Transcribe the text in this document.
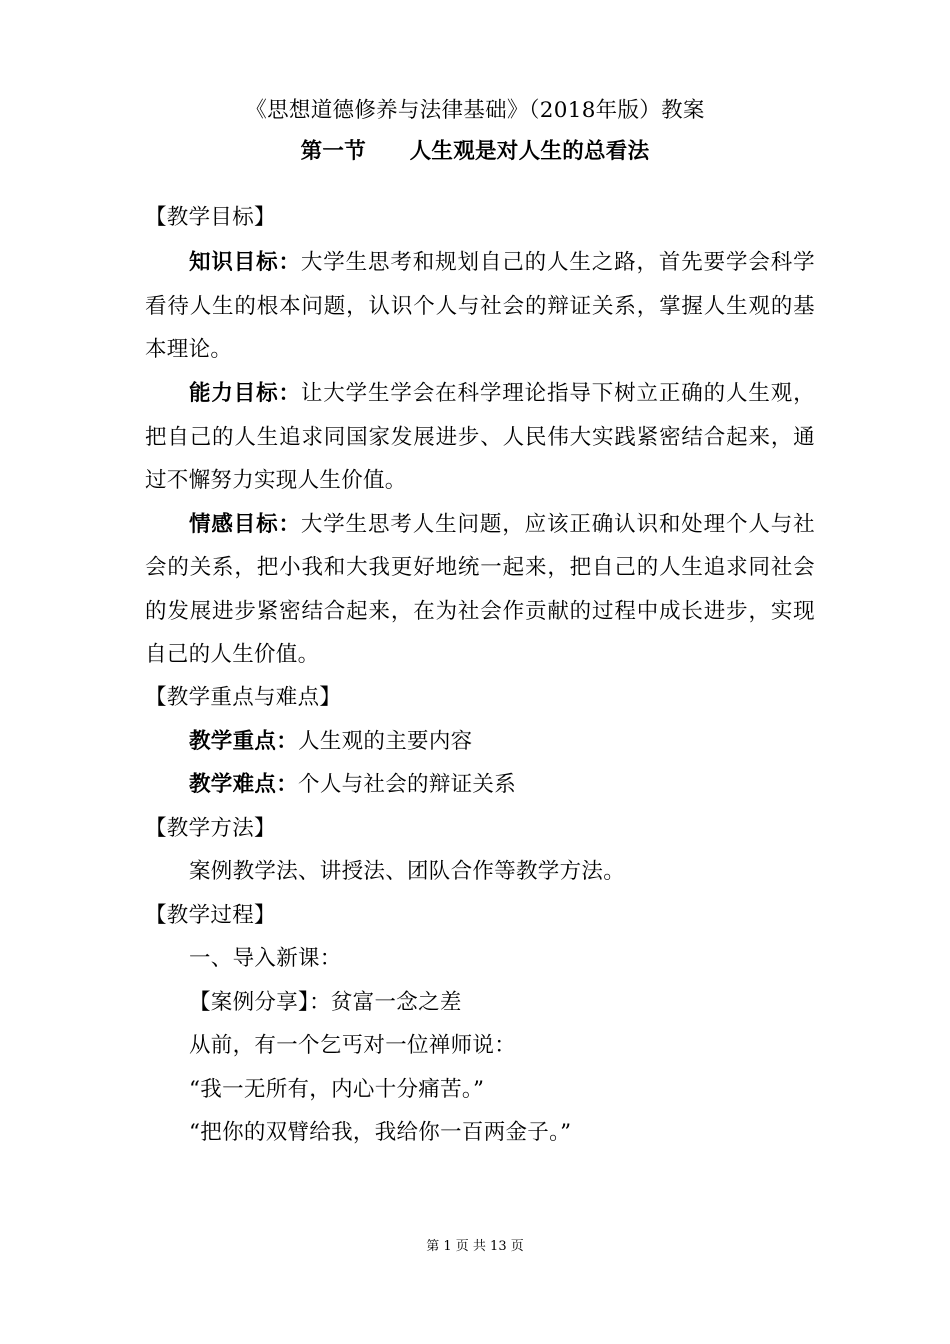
《思想道德修养与法律基础》（2018年版）教案
第一节　　人生观是对人生的总看法
【教学目标】
知识目标：大学生思考和规划自己的人生之路，首先要学会科学
看待人生的根本问题，认识个人与社会的辩证关系，掌握人生观的基
本理论。
能力目标：让大学生学会在科学理论指导下树立正确的人生观，
把自己的人生追求同国家发展进步、人民伟大实践紧密结合起来，通
过不懈努力实现人生价值。
情感目标：大学生思考人生问题，应该正确认识和处理个人与社
会的关系，把小我和大我更好地统一起来，把自己的人生追求同社会
的发展进步紧密结合起来，在为社会作贡献的过程中成长进步，实现
自己的人生价值。
【教学重点与难点】
教学重点：人生观的主要内容
教学难点：个人与社会的辩证关系
【教学方法】
案例教学法、讲授法、团队合作等教学方法。
【教学过程】
一、导入新课：
【案例分享】：贫富一念之差
从前，有一个乞丐对一位禅师说：
“我一无所有，内心十分痛苦。”
“把你的双臂给我，我给你一百两金子。”
第 1 页 共 13 页
